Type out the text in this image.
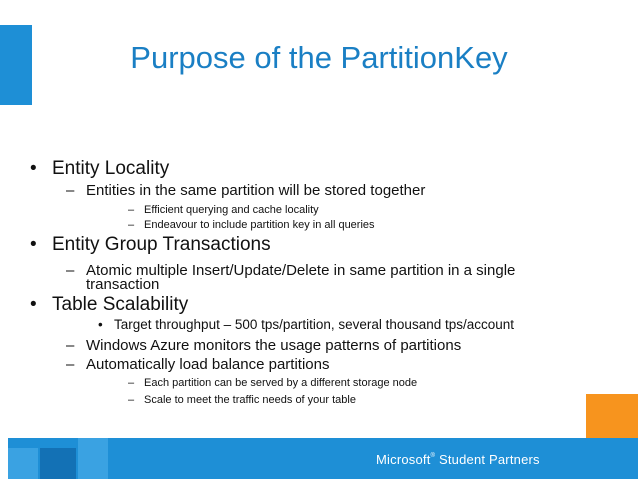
Purpose of the PartitionKey
• Entity Locality
– Entities in the same partition will be stored together
– Efficient querying and cache locality
– Endeavour to include partition key in all queries
• Entity Group Transactions
– Atomic multiple Insert/Update/Delete in same partition in a single
transaction
• Table Scalability
• Target throughput – 500 tps/partition, several thousand tps/account
– Windows Azure monitors the usage patterns of partitions
– Automatically load balance partitions
– Each partition can be served by a different storage node
– Scale to meet the traffic needs of your table
Microsoft® Student Partners
